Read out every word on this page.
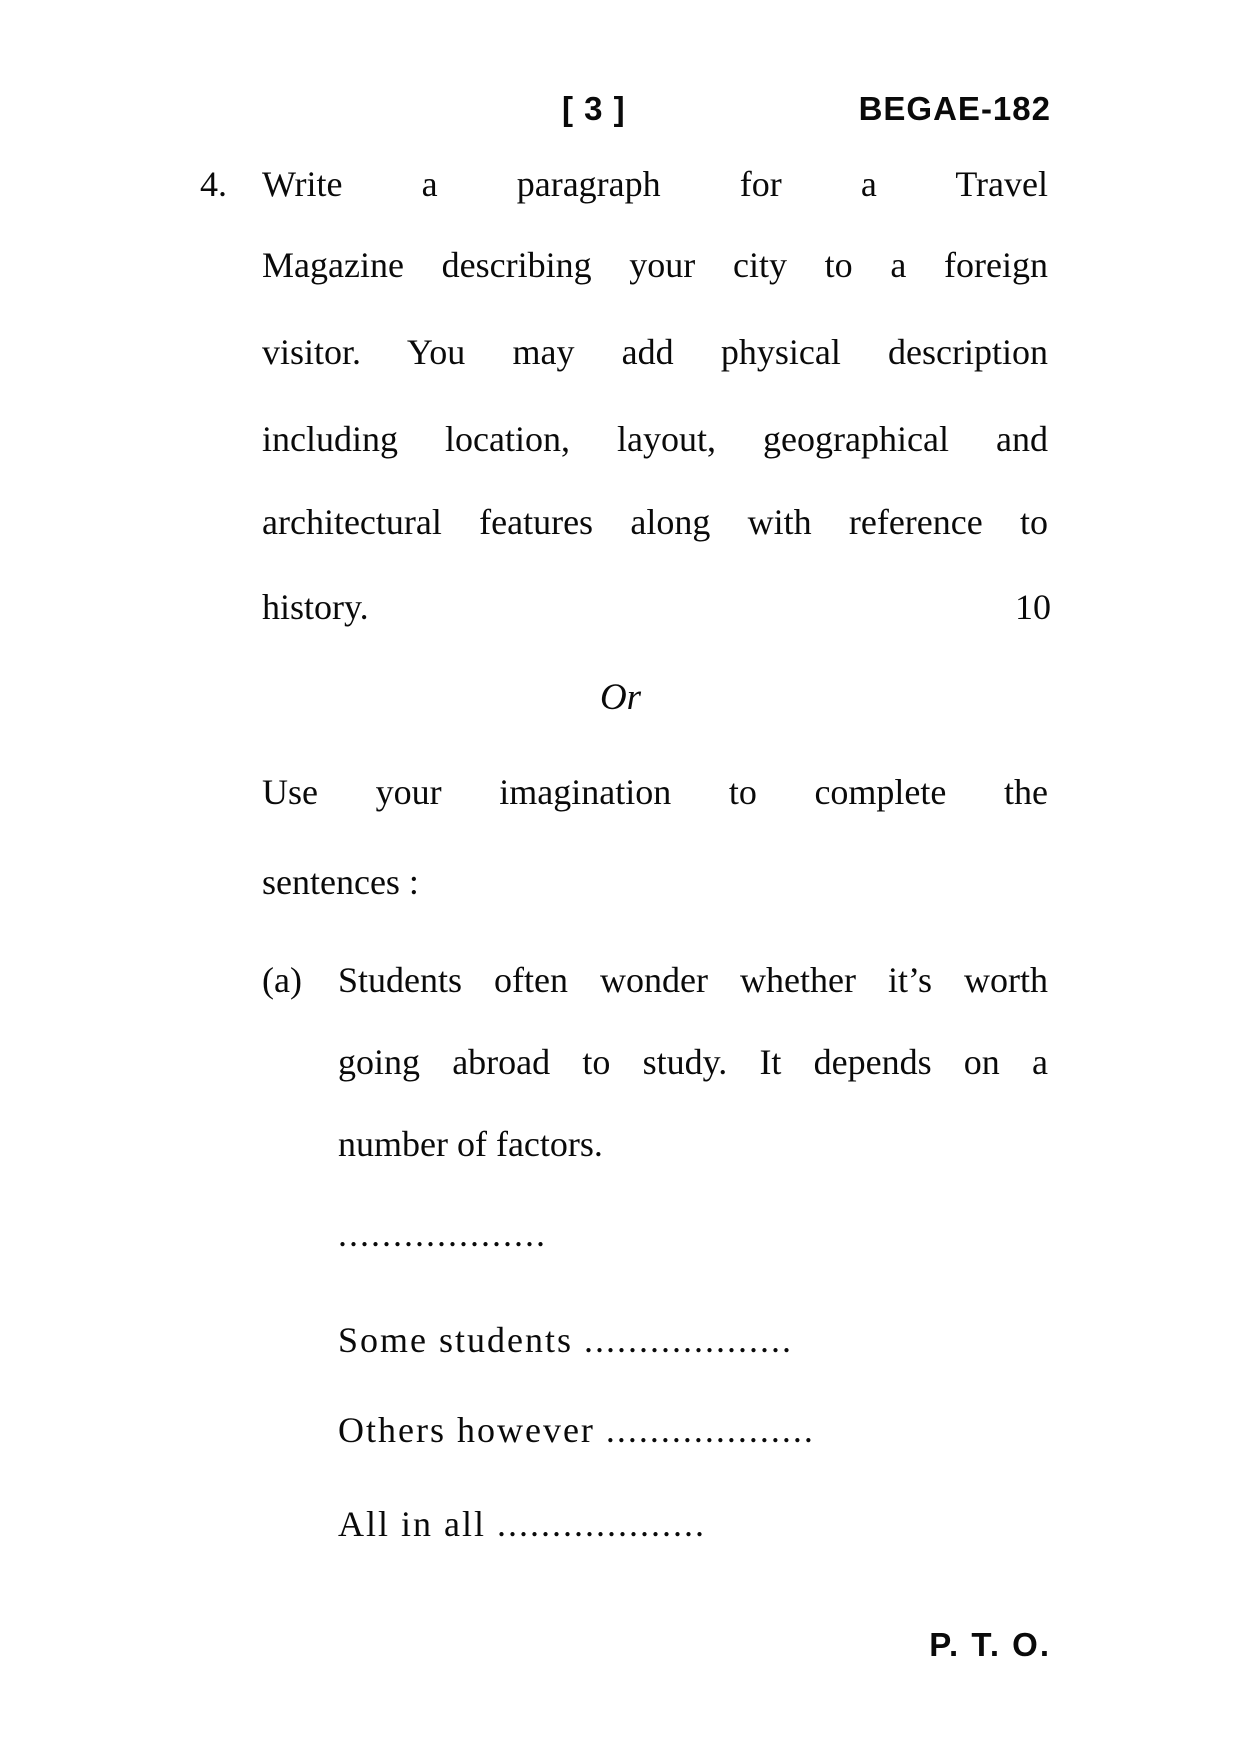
[ 3 ]	BEGAE-182
4. Write a paragraph for a Travel
Magazine describing your city to a foreign
visitor. You may add physical description
including location, layout, geographical and
architectural features along with reference to
history.	10
Or
Use your imagination to complete the
sentences :
(a) Students often wonder whether it’s worth
going abroad to study. It depends on a
number of factors.
...................
Some students ...................
Others however ...................
All in all ...................
P. T. O.
